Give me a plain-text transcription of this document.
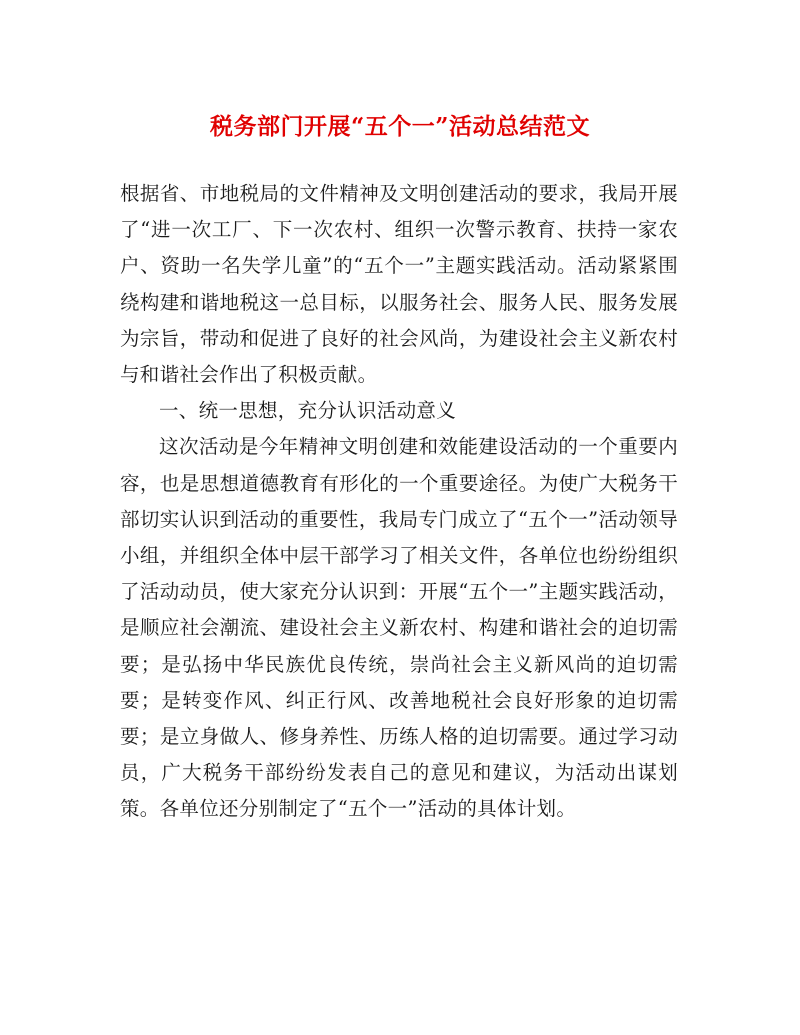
税务部门开展“五个一”活动总结范文

根据省、市地税局的文件精神及文明创建活动的要求，我局开展了“进一次工厂、下一次农村、组织一次警示教育、扶持一家农户、资助一名失学儿童”的“五个一”主题实践活动。活动紧紧围绕构建和谐地税这一总目标，以服务社会、服务人民、服务发展为宗旨，带动和促进了良好的社会风尚，为建设社会主义新农村与和谐社会作出了积极贡献。

一、统一思想，充分认识活动意义

这次活动是今年精神文明创建和效能建设活动的一个重要内容，也是思想道德教育有形化的一个重要途径。为使广大税务干部切实认识到活动的重要性，我局专门成立了“五个一”活动领导小组，并组织全体中层干部学习了相关文件，各单位也纷纷组织了活动动员，使大家充分认识到：开展“五个一”主题实践活动，是顺应社会潮流、建设社会主义新农村、构建和谐社会的迫切需要；是弘扬中华民族优良传统，崇尚社会主义新风尚的迫切需要；是转变作风、纠正行风、改善地税社会良好形象的迫切需要；是立身做人、修身养性、历练人格的迫切需要。通过学习动员，广大税务干部纷纷发表自己的意见和建议，为活动出谋划策。各单位还分别制定了“五个一”活动的具体计划。
